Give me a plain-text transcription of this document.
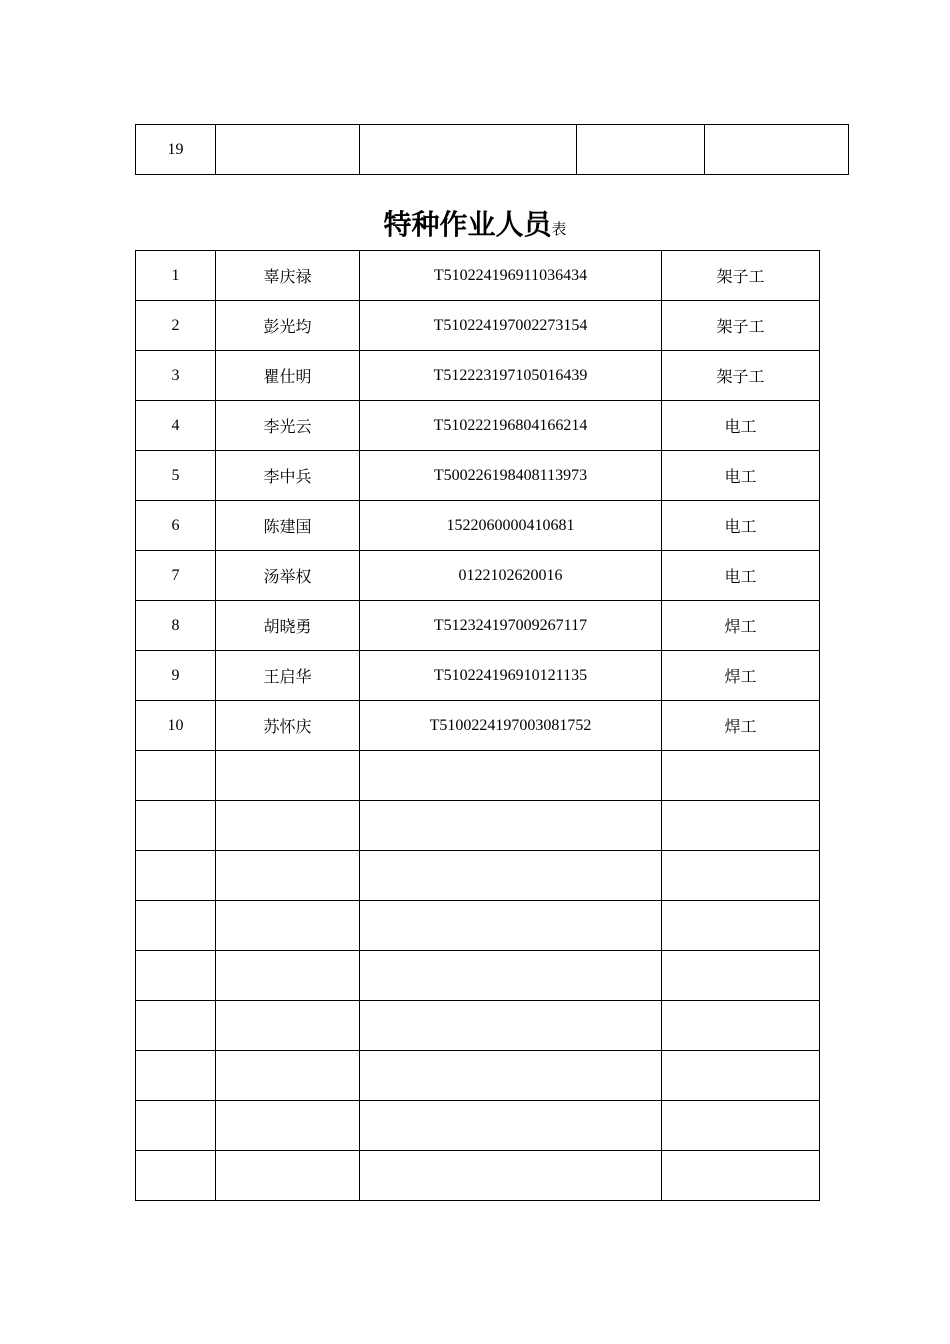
19				
特种作业人员表
1	辜庆禄	T510224196911036434	架子工
2	彭光均	T510224197002273154	架子工
3	瞿仕明	T512223197105016439	架子工
4	李光云	T510222196804166214	电工
5	李中兵	T500226198408113973	电工
6	陈建国	1522060000410681	电工
7	汤举权	0122102620016	电工
8	胡晓勇	T512324197009267117	焊工
9	王启华	T510224196910121135	焊工
10	苏怀庆	T5100224197003081752	焊工
